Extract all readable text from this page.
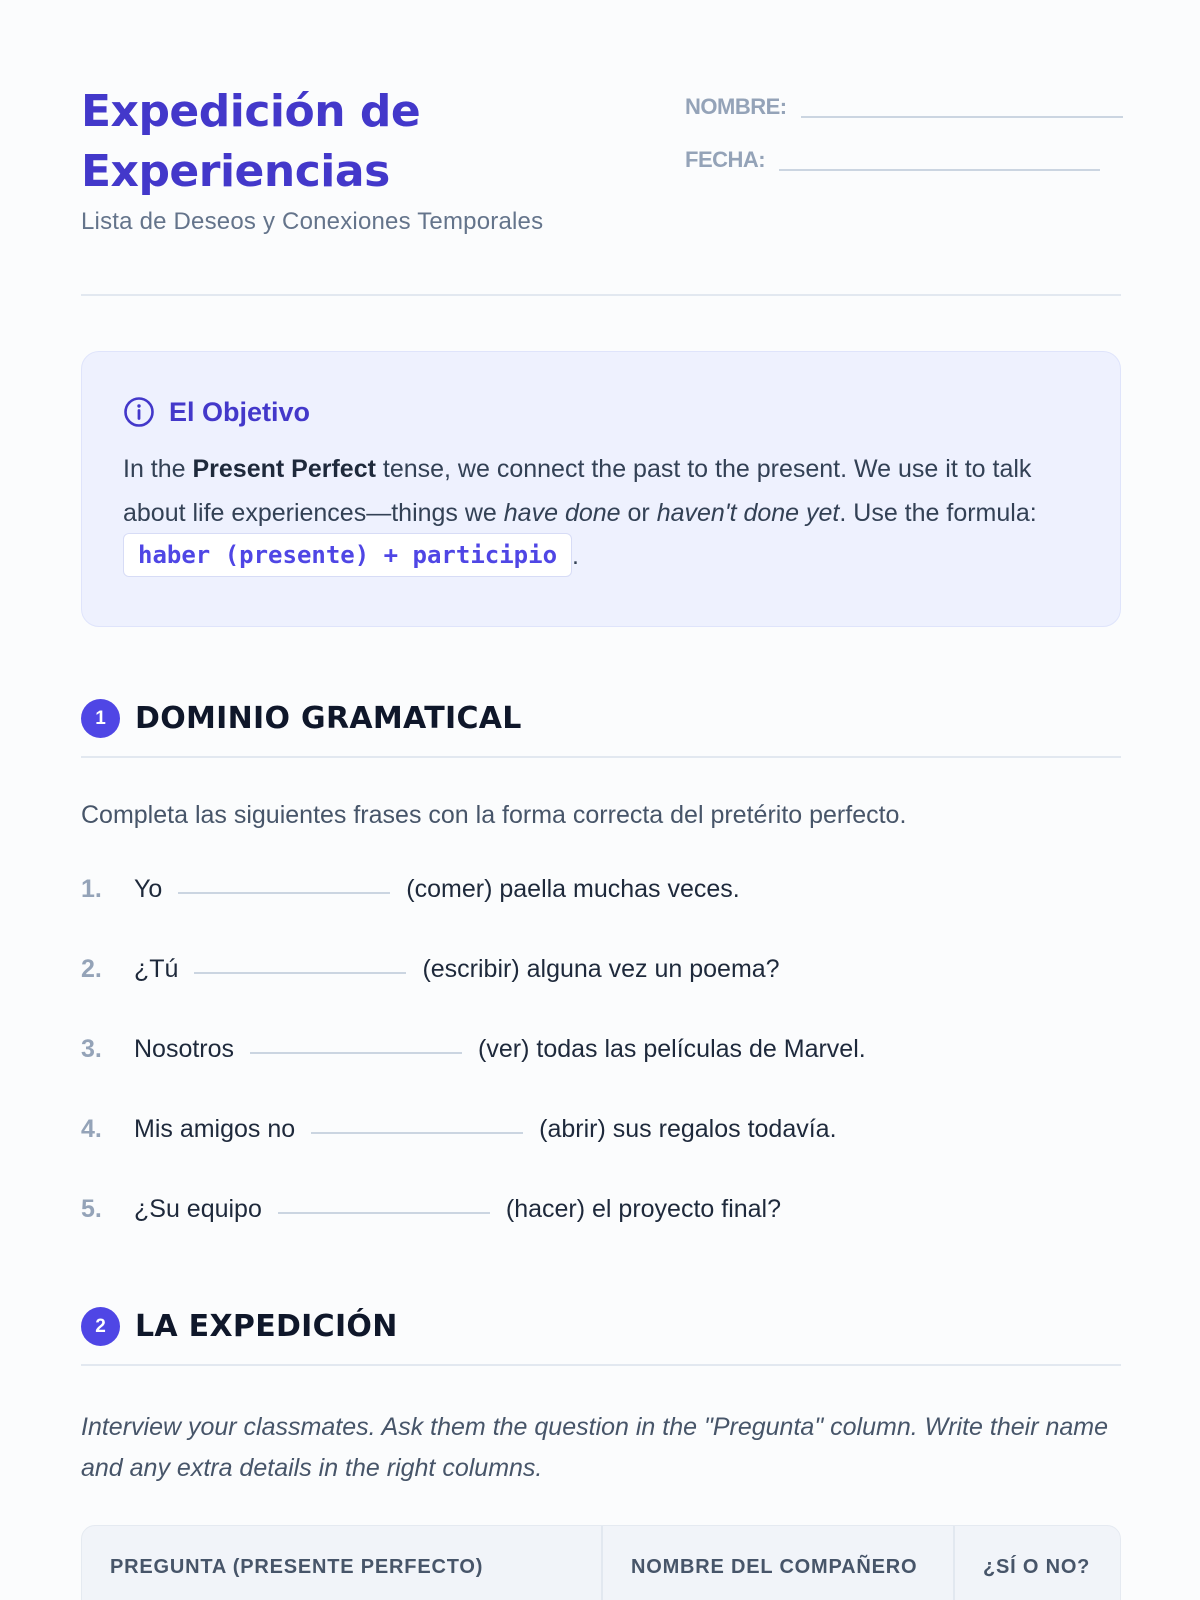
Expedición de Experiencias
Lista de Deseos y Conexiones Temporales
NOMBRE:
FECHA:
El Objetivo

In the Present Perfect tense, we connect the past to the present. We use it to talk about life experiences—things we have done or haven't done yet. Use the formula: haber (presente) + participio .

1 DOMINIO GRAMATICAL
Completa las siguientes frases con la forma correcta del pretérito perfecto.
1.	Yo	(comer) paella muchas veces.
2.	¿Tú	(escribir) alguna vez un poema?
3.	Nosotros	(ver) todas las películas de Marvel.
4.	Mis amigos no	(abrir) sus regalos todavía.
5.	¿Su equipo	(hacer) el proyecto final?
2 LA EXPEDICIÓN
Interview your classmates. Ask them the question in the "Pregunta" column. Write their name and any extra details in the right columns.
PREGUNTA (PRESENTE PERFECTO)	NOMBRE DEL COMPAÑERO	¿SÍ O NO?
